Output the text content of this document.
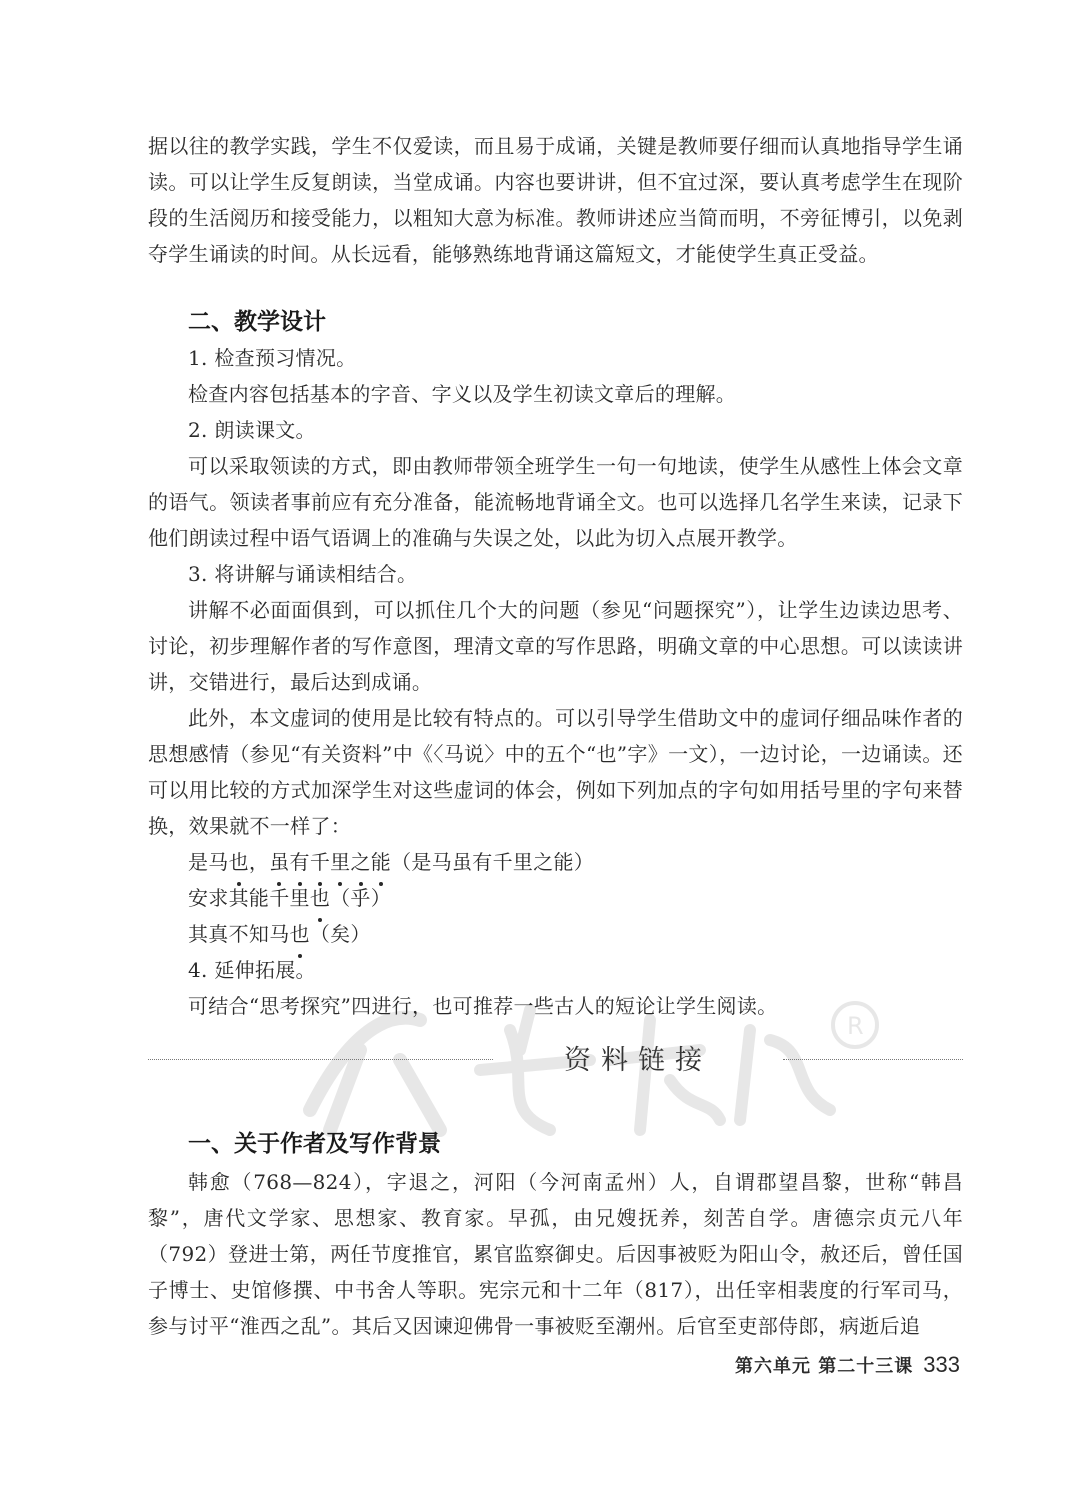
据以往的教学实践，学生不仅爱读，而且易于成诵，关键是教师要仔细而认真地指导学生诵读。可以让学生反复朗读，当堂成诵。内容也要讲讲，但不宜过深，要认真考虑学生在现阶段的生活阅历和接受能力，以粗知大意为标准。教师讲述应当简而明，不旁征博引，以免剥夺学生诵读的时间。从长远看，能够熟练地背诵这篇短文，才能使学生真正受益。

二、教学设计

1. 检查预习情况。

检查内容包括基本的字音、字义以及学生初读文章后的理解。

2. 朗读课文。

可以采取领读的方式，即由教师带领全班学生一句一句地读，使学生从感性上体会文章的语气。领读者事前应有充分准备，能流畅地背诵全文。也可以选择几名学生来读，记录下他们朗读过程中语气语调上的准确与失误之处，以此为切入点展开教学。

3. 将讲解与诵读相结合。

讲解不必面面俱到，可以抓住几个大的问题（参见“问题探究”），让学生边读边思考、讨论，初步理解作者的写作意图，理清文章的写作思路，明确文章的中心思想。可以读读讲讲，交错进行，最后达到成诵。

此外，本文虚词的使用是比较有特点的。可以引导学生借助文中的虚词仔细品味作者的思想感情（参见“有关资料”中《〈马说〉中的五个“也”字》一文），一边讨论，一边诵读。还可以用比较的方式加深学生对这些虚词的体会，例如下列加点的字句如用括号里的字句来替换，效果就不一样了：

是马也，虽有千里之能（是马虽有千里之能）

安求其能千里也（乎）

其真不知马也（矣）

4. 延伸拓展。

可结合“思考探究”四进行，也可推荐一些古人的短论让学生阅读。

R
资料链接

一、关于作者及写作背景

韩愈（768—824），字退之，河阳（今河南孟州）人，自谓郡望昌黎，世称“韩昌黎”，唐代文学家、思想家、教育家。早孤，由兄嫂抚养，刻苦自学。唐德宗贞元八年（792）登进士第，两任节度推官，累官监察御史。后因事被贬为阳山令，赦还后，曾任国子博士、史馆修撰、中书舍人等职。宪宗元和十二年（817），出任宰相裴度的行军司马，参与讨平“淮西之乱”。其后又因谏迎佛骨一事被贬至潮州。后官至吏部侍郎，病逝后追

第六单元 第二十三课 333
